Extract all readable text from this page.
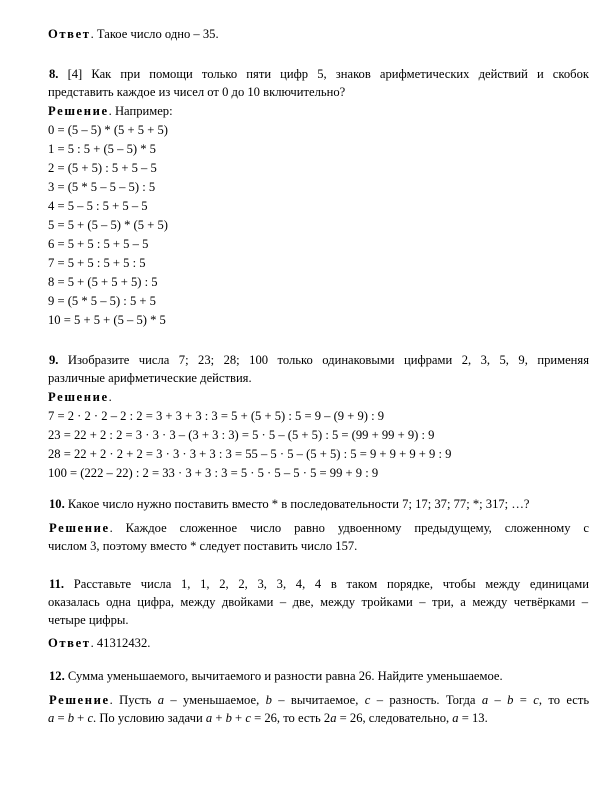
Ответ. Такое число одно – 35.
8. [4] Как при помощи только пяти цифр 5, знаков арифметических действий и скобок
представить каждое из чисел от 0 до 10 включительно?
Решение. Например:
0 = (5 – 5) * (5 + 5 + 5)
1 = 5 : 5 + (5 – 5) * 5
2 = (5 + 5) : 5 + 5 – 5
3 = (5 * 5 – 5 – 5) : 5
4 = 5 – 5 : 5 + 5 – 5
5 = 5 + (5 – 5) * (5 + 5)
6 = 5 + 5 : 5 + 5 – 5
7 = 5 + 5 : 5 + 5 : 5
8 = 5 + (5 + 5 + 5) : 5
9 = (5 * 5 – 5) : 5 + 5
10 = 5 + 5 + (5 – 5) * 5
9. Изобразите числа 7; 23; 28; 100 только одинаковыми цифрами 2, 3, 5, 9, применяя
различные арифметические действия.
Решение.
7 = 2 · 2 · 2 – 2 : 2 = 3 + 3 + 3 : 3 = 5 + (5 + 5) : 5 = 9 – (9 + 9) : 9
23 = 22 + 2 : 2 = 3 · 3 · 3 – (3 + 3 : 3) = 5 · 5 – (5 + 5) : 5 = (99 + 99 + 9) : 9
28 = 22 + 2 · 2 + 2 = 3 · 3 · 3 + 3 : 3 = 55 – 5 · 5 – (5 + 5) : 5 = 9 + 9 + 9 + 9 : 9
100 = (222 – 22) : 2 = 33 · 3 + 3 : 3 = 5 · 5 · 5 – 5 · 5 = 99 + 9 : 9
10. Какое число нужно поставить вместо * в последовательности 7; 17; 37; 77; *; 317; …?
Решение. Каждое сложенное число равно удвоенному предыдущему, сложенному с
числом 3, поэтому вместо * следует поставить число 157.
11. Расставьте числа 1, 1, 2, 2, 3, 3, 4, 4 в таком порядке, чтобы между единицами
оказалась одна цифра, между двойками – две, между тройками – три, а между четвёрками –
четыре цифры.
Ответ. 41312432.
12. Сумма уменьшаемого, вычитаемого и разности равна 26. Найдите уменьшаемое.
Решение. Пусть a – уменьшаемое, b – вычитаемое, c – разность. Тогда a – b = c, то есть
a = b + c. По условию задачи a + b + c = 26, то есть 2a = 26, следовательно, a = 13.
